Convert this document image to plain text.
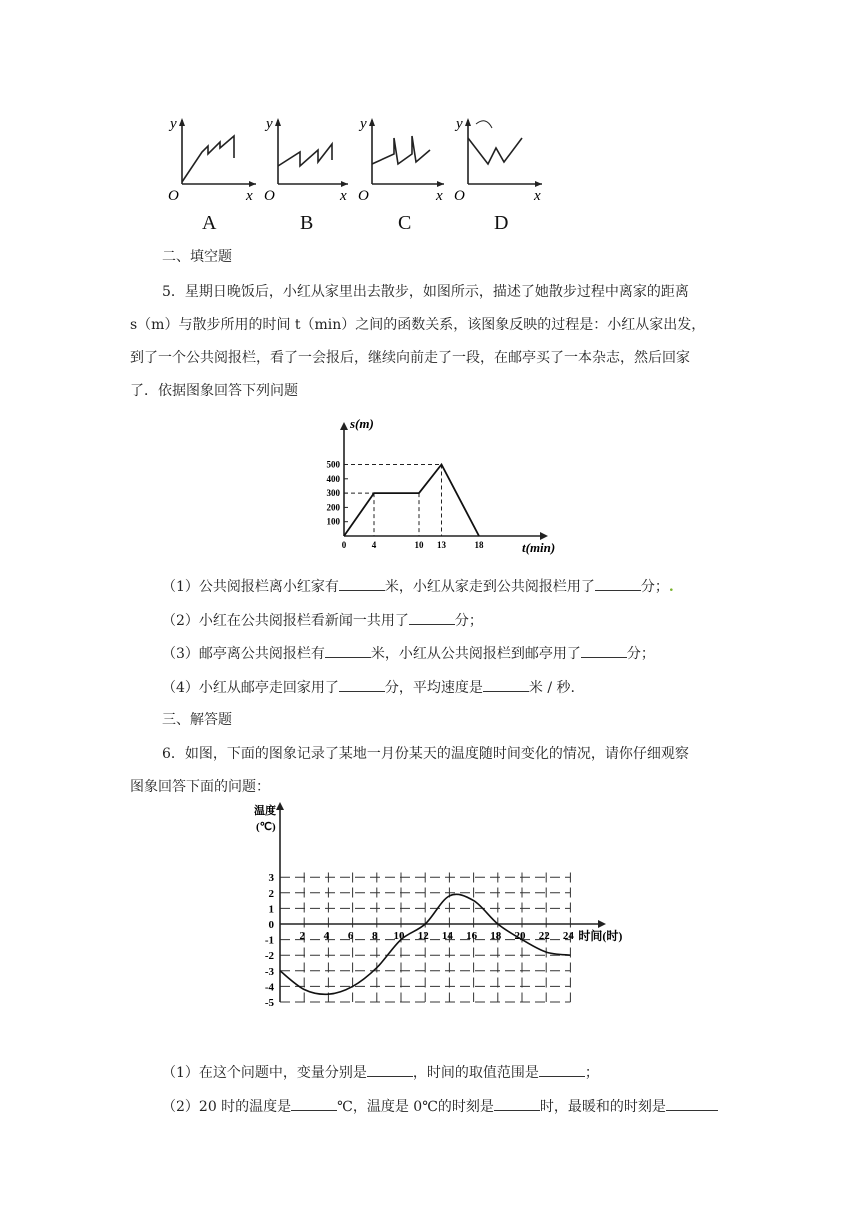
y
x
O
y
x
O
y
x
O
y
x
O
A	B	C	D
二、填空题
5．星期日晚饭后，小红从家里出去散步，如图所示，描述了她散步过程中离家的距离
s（m）与散步所用的时间 t（min）之间的函数关系，该图象反映的过程是：小红从家出发，
到了一个公共阅报栏，看了一会报后，继续向前走了一段，在邮亭买了一本杂志，然后回家
了．依据图象回答下列问题
100
200
300
400
500
0	4	10 13	18
s(m)
t(min)
（1）公共阅报栏离小红家有	米，小红从家走到公共阅报栏用了	分；.
（2）小红在公共阅报栏看新闻一共用了	分；
（3）邮亭离公共阅报栏有	米，小红从公共阅报栏到邮亭用了	分；
（4）小红从邮亭走回家用了	分，平均速度是	米 / 秒.
三、解答题
6．如图，下面的图象记录了某地一月份某天的温度随时间变化的情况，请你仔细观察
图象回答下面的问题：
3
2
1
0
-1
-2
-3
-4
-5
2 4 6 8 10 12 14 16 18 20 22 24
温度
(℃)
时间(时)
（1）在这个问题中，变量分别是	，时间的取值范围是	；
（2）20 时的温度是	℃，温度是 0℃的时刻是	时，最暖和的时刻是
